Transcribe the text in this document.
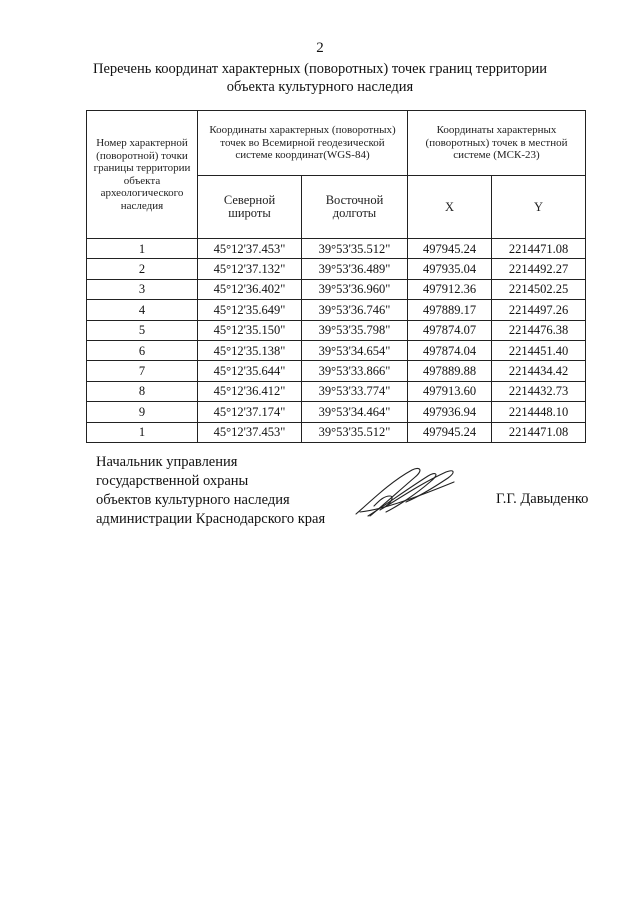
2
Перечень координат характерных (поворотных) точек границ территории
объекта культурного наследия
Номер характерной (поворотной) точки границы территории объекта археологического наследия	Координаты характерных (поворотных) точек во Всемирной геодезической системе координат(WGS-84)		Координаты характерных (поворотных) точек в местной системе (МСК-23)	
	Северной широты	Восточной долготы	X	Y
1	45°12'37.453"	39°53'35.512"	497945.24	2214471.08
2	45°12'37.132"	39°53'36.489"	497935.04	2214492.27
3	45°12'36.402"	39°53'36.960"	497912.36	2214502.25
4	45°12'35.649"	39°53'36.746"	497889.17	2214497.26
5	45°12'35.150"	39°53'35.798"	497874.07	2214476.38
6	45°12'35.138"	39°53'34.654"	497874.04	2214451.40
7	45°12'35.644"	39°53'33.866"	497889.88	2214434.42
8	45°12'36.412"	39°53'33.774"	497913.60	2214432.73
9	45°12'37.174"	39°53'34.464"	497936.94	2214448.10
1	45°12'37.453"	39°53'35.512"	497945.24	2214471.08
Начальник управления
государственной охраны
объектов культурного наследия
администрации Краснодарского края
Г.Г. Давыденко
